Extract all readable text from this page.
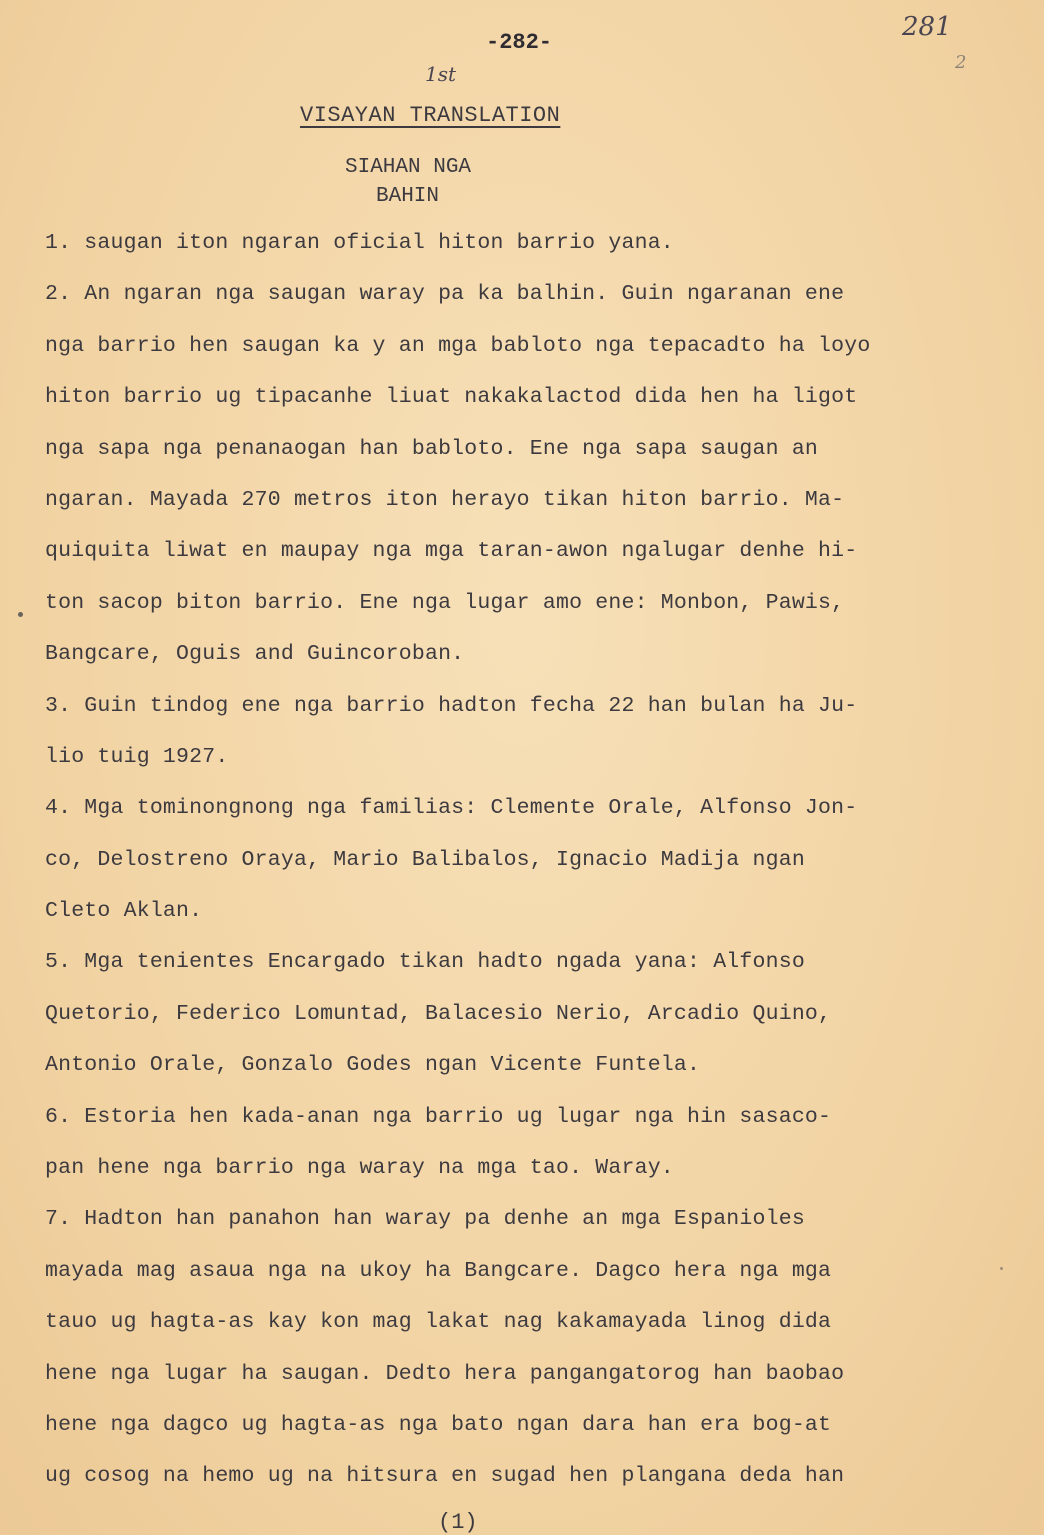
-282-
281
2
1st
VISAYAN TRANSLATION
SIAHAN NGA
BAHIN
1. saugan iton ngaran oficial hiton barrio yana.
2. An ngaran nga saugan waray pa ka balhin. Guin ngaranan ene
nga barrio hen saugan ka y an mga babloto nga tepacadto ha loyo
hiton barrio ug tipacanhe liuat nakakalactod dida hen ha ligot
nga sapa nga penanaogan han babloto. Ene nga sapa saugan an
ngaran. Mayada 270 metros iton herayo tikan hiton barrio. Ma-
quiquita liwat en maupay nga mga taran-awon ngalugar denhe hi-
ton sacop biton barrio. Ene nga lugar amo ene: Monbon, Pawis,
Bangcare, Oguis and Guincoroban.
3. Guin tindog ene nga barrio hadton fecha 22 han bulan ha Ju-
lio tuig 1927.
4. Mga tominongnong nga familias: Clemente Orale, Alfonso Jon-
co, Delostreno Oraya, Mario Balibalos, Ignacio Madija ngan
Cleto Aklan.
5. Mga tenientes Encargado tikan hadto ngada yana: Alfonso
Quetorio, Federico Lomuntad, Balacesio Nerio, Arcadio Quino,
Antonio Orale, Gonzalo Godes ngan Vicente Funtela.
6. Estoria hen kada-anan nga barrio ug lugar nga hin sasaco-
pan hene nga barrio nga waray na mga tao. Waray.
7. Hadton han panahon han waray pa denhe an mga Espanioles
mayada mag asaua nga na ukoy ha Bangcare. Dagco hera nga mga
tauo ug hagta-as kay kon mag lakat nag kakamayada linog dida
hene nga lugar ha saugan. Dedto hera pangangatorog han baobao
hene nga dagco ug hagta-as nga bato ngan dara han era bog-at
ug cosog na hemo ug na hitsura en sugad hen plangana deda han
(1)
